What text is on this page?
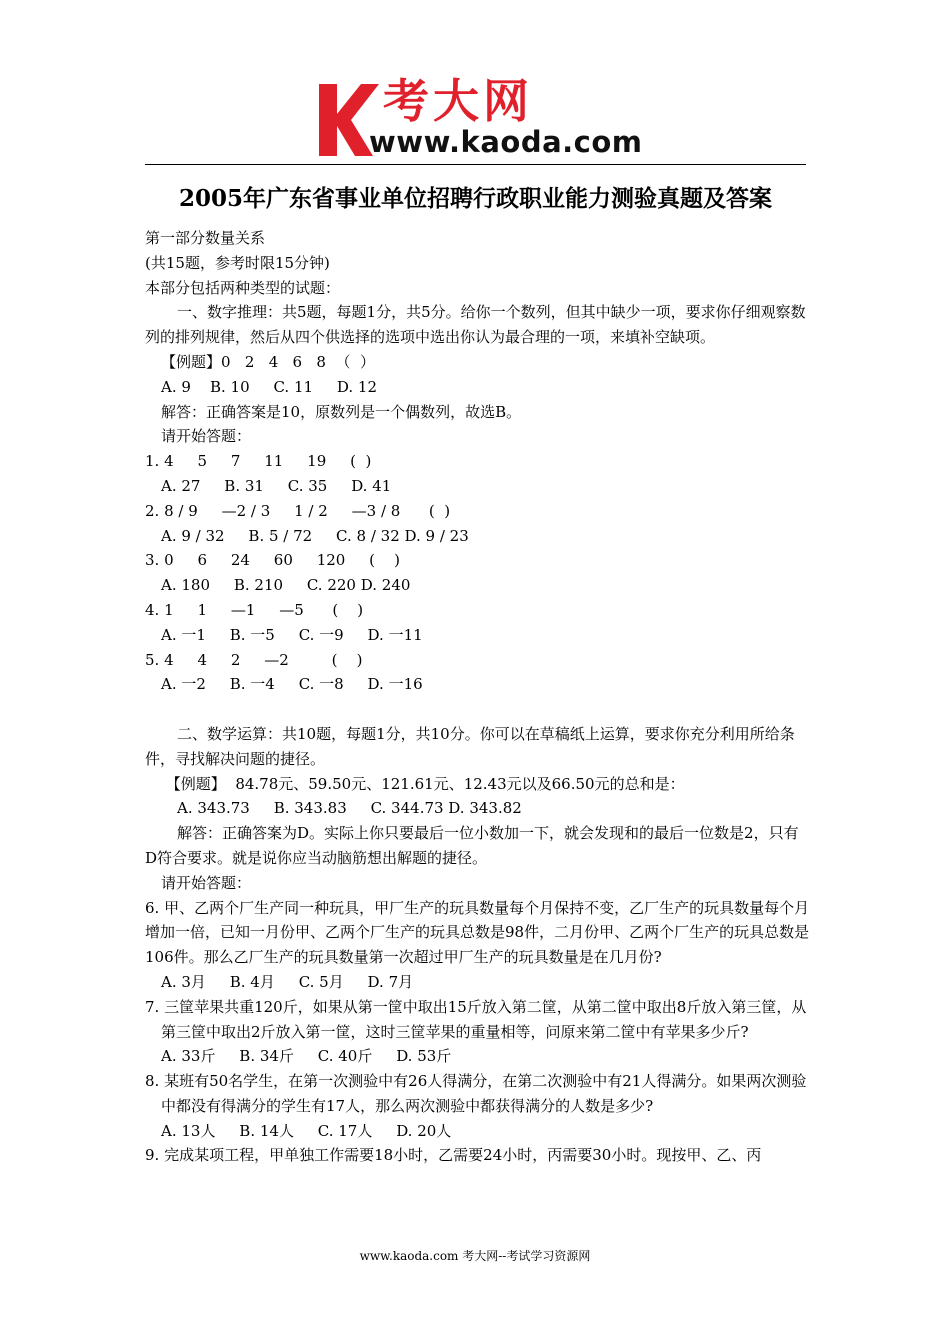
考大网
www.kaoda.com
2005年广东省事业单位招聘行政职业能力测验真题及答案

第一部分数量关系

(共15题，参考时限15分钟)

本部分包括两种类型的试题：

一、数字推理：共5题，每题1分，共5分。给你一个数列，但其中缺少一项，要求你仔细观察数列的排列规律，然后从四个供选择的选项中选出你认为最合理的一项，来填补空缺项。

【例题】0   2   4   6   8  （  ）

A. 9    B. 10     C. 11     D. 12

解答：正确答案是10，原数列是一个偶数列，故选B。

请开始答题：

1. 4     5     7     11     19     (  )

A. 27     B. 31     C. 35     D. 41

2. 8 / 9     —2 / 3     1 / 2     —3 / 8      (  )

A. 9 / 32     B. 5 / 72     C. 8 / 32 D. 9 / 23

3. 0     6     24     60     120     (    )

A. 180     B. 210     C. 220 D. 240

4. 1     1     —1     —5      (    )

A. 一1     B. 一5     C. 一9     D. 一11

5. 4     4     2     —2         (    )

A. 一2     B. 一4     C. 一8     D. 一16

二、数学运算：共10题，每题1分，共10分。你可以在草稿纸上运算，要求你充分利用所给条件，寻找解决问题的捷径。

【例题】  84.78元、59.50元、121.61元、12.43元以及66.50元的总和是：

A. 343.73     B. 343.83     C. 344.73 D. 343.82

解答：正确答案为D。实际上你只要最后一位小数加一下，就会发现和的最后一位数是2，只有D符合要求。就是说你应当动脑筋想出解题的捷径。

请开始答题：

6. 甲、乙两个厂生产同一种玩具，甲厂生产的玩具数量每个月保持不变，乙厂生产的玩具数量每个月增加一倍，已知一月份甲、乙两个厂生产的玩具总数是98件，二月份甲、乙两个厂生产的玩具总数是106件。那么乙厂生产的玩具数量第一次超过甲厂生产的玩具数量是在几月份?

A. 3月     B. 4月     C. 5月     D. 7月

7. 三筐苹果共重120斤，如果从第一筐中取出15斤放入第二筐，从第二筐中取出8斤放入第三筐，从第三筐中取出2斤放入第一筐，这时三筐苹果的重量相等，问原来第二筐中有苹果多少斤?

A. 33斤     B. 34斤     C. 40斤     D. 53斤

8. 某班有50名学生，在第一次测验中有26人得满分，在第二次测验中有21人得满分。如果两次测验中都没有得满分的学生有17人，那么两次测验中都获得满分的人数是多少?

A. 13人     B. 14人     C. 17人     D. 20人

9. 完成某项工程，甲单独工作需要18小时，乙需要24小时，丙需要30小时。现按甲、乙、丙

www.kaoda.com 考大网--考试学习资源网
